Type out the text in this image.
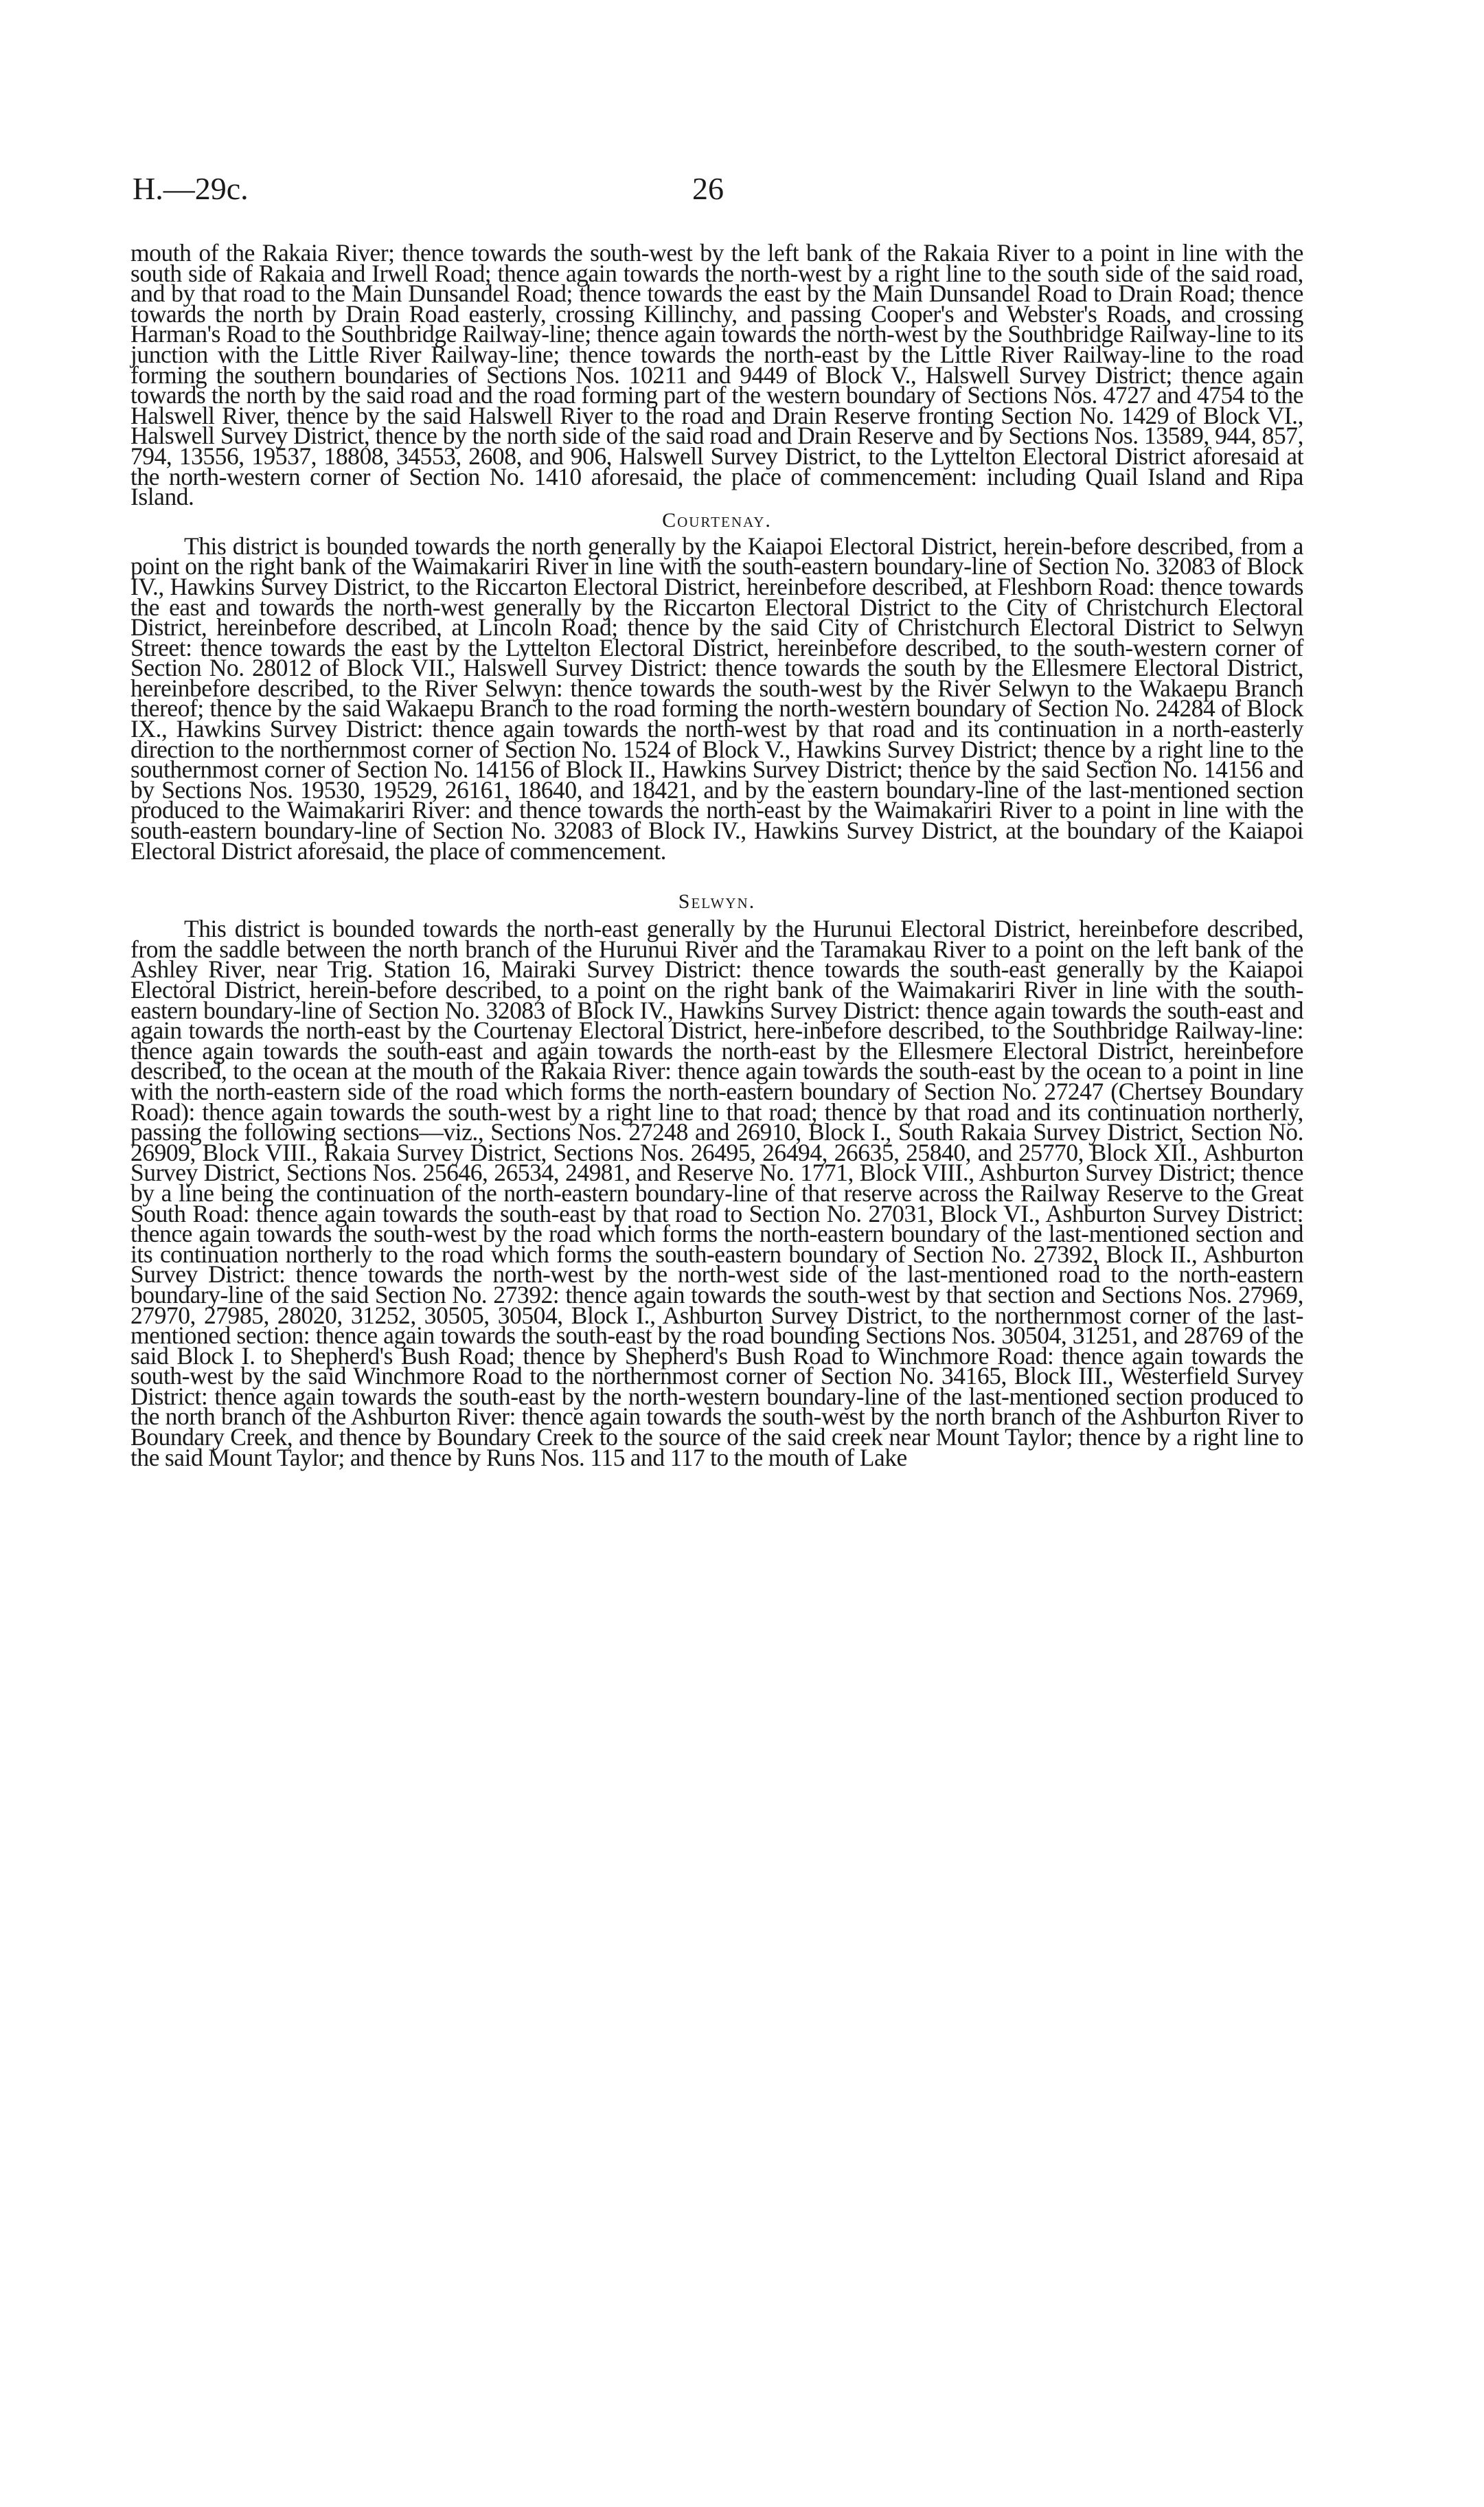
H.—29c.	26

mouth of the Rakaia River; thence towards the south-west by the left bank of the Rakaia River to a point in line with the south side of Rakaia and Irwell Road; thence again towards the north-west by a right line to the south side of the said road, and by that road to the Main Dunsandel Road; thence towards the east by the Main Dunsandel Road to Drain Road; thence towards the north by Drain Road easterly, crossing Killinchy, and passing Cooper's and Webster's Roads, and crossing Harman's Road to the Southbridge Railway-line; thence again towards the north-west by the Southbridge Railway-line to its junction with the Little River Railway-line; thence towards the north-east by the Little River Railway-line to the road forming the southern boundaries of Sections Nos. 10211 and 9449 of Block V., Halswell Survey District; thence again towards the north by the said road and the road forming part of the western boundary of Sections Nos. 4727 and 4754 to the Halswell River, thence by the said Halswell River to the road and Drain Reserve fronting Section No. 1429 of Block VI., Halswell Survey District, thence by the north side of the said road and Drain Reserve and by Sections Nos. 13589, 944, 857, 794, 13556, 19537, 18808, 34553, 2608, and 906, Halswell Survey District, to the Lyttelton Electoral District aforesaid at the north-western corner of Section No. 1410 aforesaid, the place of commencement: including Quail Island and Ripa Island.

Courtenay.

This district is bounded towards the north generally by the Kaiapoi Electoral District, herein-before described, from a point on the right bank of the Waimakariri River in line with the south-eastern boundary-line of Section No. 32083 of Block IV., Hawkins Survey District, to the Riccarton Electoral District, hereinbefore described, at Fleshborn Road: thence towards the east and towards the north-west generally by the Riccarton Electoral District to the City of Christchurch Electoral District, hereinbefore described, at Lincoln Road; thence by the said City of Christchurch Electoral District to Selwyn Street: thence towards the east by the Lyttelton Electoral District, hereinbefore described, to the south-western corner of Section No. 28012 of Block VII., Halswell Survey District: thence towards the south by the Ellesmere Electoral District, hereinbefore described, to the River Selwyn: thence towards the south-west by the River Selwyn to the Wakaepu Branch thereof; thence by the said Wakaepu Branch to the road forming the north-western boundary of Section No. 24284 of Block IX., Hawkins Survey District: thence again towards the north-west by that road and its continuation in a north-easterly direction to the northernmost corner of Section No. 1524 of Block V., Hawkins Survey District; thence by a right line to the southernmost corner of Section No. 14156 of Block II., Hawkins Survey District; thence by the said Section No. 14156 and by Sections Nos. 19530, 19529, 26161, 18640, and 18421, and by the eastern boundary-line of the last-mentioned section produced to the Waimakariri River: and thence towards the north-east by the Waimakariri River to a point in line with the south-eastern boundary-line of Section No. 32083 of Block IV., Hawkins Survey District, at the boundary of the Kaiapoi Electoral District aforesaid, the place of commencement.

Selwyn.

This district is bounded towards the north-east generally by the Hurunui Electoral District, hereinbefore described, from the saddle between the north branch of the Hurunui River and the Taramakau River to a point on the left bank of the Ashley River, near Trig. Station 16, Mairaki Survey District: thence towards the south-east generally by the Kaiapoi Electoral District, herein-before described, to a point on the right bank of the Waimakariri River in line with the south-eastern boundary-line of Section No. 32083 of Block IV., Hawkins Survey District: thence again towards the south-east and again towards the north-east by the Courtenay Electoral District, here-inbefore described, to the Southbridge Railway-line: thence again towards the south-east and again towards the north-east by the Ellesmere Electoral District, hereinbefore described, to the ocean at the mouth of the Rakaia River: thence again towards the south-east by the ocean to a point in line with the north-eastern side of the road which forms the north-eastern boundary of Section No. 27247 (Chertsey Boundary Road): thence again towards the south-west by a right line to that road; thence by that road and its continuation northerly, passing the following sections—viz., Sections Nos. 27248 and 26910, Block I., South Rakaia Survey District, Section No. 26909, Block VIII., Rakaia Survey District, Sections Nos. 26495, 26494, 26635, 25840, and 25770, Block XII., Ashburton Survey District, Sections Nos. 25646, 26534, 24981, and Reserve No. 1771, Block VIII., Ashburton Survey District; thence by a line being the continuation of the north-eastern boundary-line of that reserve across the Railway Reserve to the Great South Road: thence again towards the south-east by that road to Section No. 27031, Block VI., Ashburton Survey District: thence again towards the south-west by the road which forms the north-eastern boundary of the last-mentioned section and its continuation northerly to the road which forms the south-eastern boundary of Section No. 27392, Block II., Ashburton Survey District: thence towards the north-west by the north-west side of the last-mentioned road to the north-eastern boundary-line of the said Section No. 27392: thence again towards the south-west by that section and Sections Nos. 27969, 27970, 27985, 28020, 31252, 30505, 30504, Block I., Ashburton Survey District, to the northernmost corner of the last-mentioned section: thence again towards the south-east by the road bounding Sections Nos. 30504, 31251, and 28769 of the said Block I. to Shepherd's Bush Road; thence by Shepherd's Bush Road to Winchmore Road: thence again towards the south-west by the said Winchmore Road to the northernmost corner of Section No. 34165, Block III., Westerfield Survey District: thence again towards the south-east by the north-western boundary-line of the last-mentioned section produced to the north branch of the Ashburton River: thence again towards the south-west by the north branch of the Ashburton River to Boundary Creek, and thence by Boundary Creek to the source of the said creek near Mount Taylor; thence by a right line to the said Mount Taylor; and thence by Runs Nos. 115 and 117 to the mouth of Lake
